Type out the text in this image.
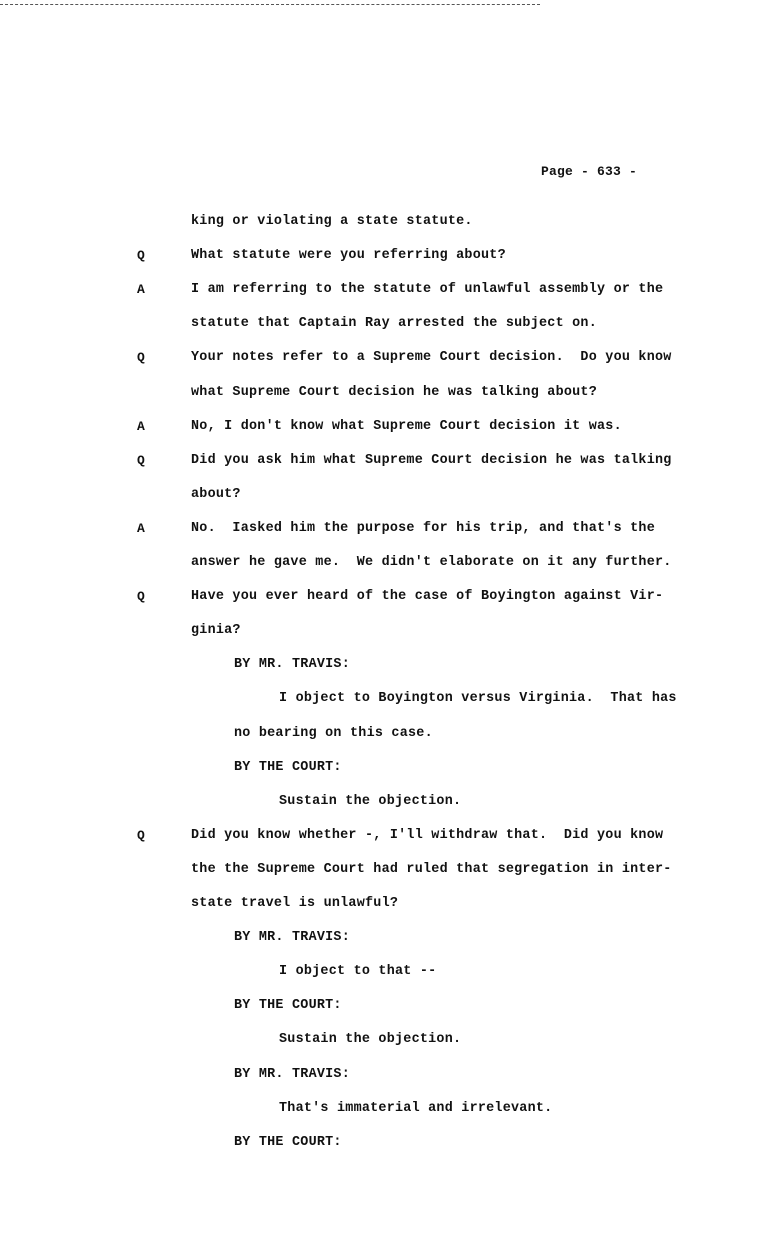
Page - 633 -
king or violating a state statute.
Q	What statute were you referring about?
A	I am referring to the statute of unlawful assembly or the
statute that Captain Ray arrested the subject on.
Q	Your notes refer to a Supreme Court decision.  Do you know
what Supreme Court decision he was talking about?
A	No, I don't know what Supreme Court decision it was.
Q	Did you ask him what Supreme Court decision he was talking
about?
A	No.  Iasked him the purpose for his trip, and that's the
answer he gave me.  We didn't elaborate on it any further.
Q	Have you ever heard of the case of Boyington against Vir-
ginia?
BY MR. TRAVIS:
I object to Boyington versus Virginia.  That has
no bearing on this case.
BY THE COURT:
Sustain the objection.
Q	Did you know whether -, I'll withdraw that.  Did you know
the the Supreme Court had ruled that segregation in inter-
state travel is unlawful?
BY MR. TRAVIS:
I object to that --
BY THE COURT:
Sustain the objection.
BY MR. TRAVIS:
That's immaterial and irrelevant.
BY THE COURT:
